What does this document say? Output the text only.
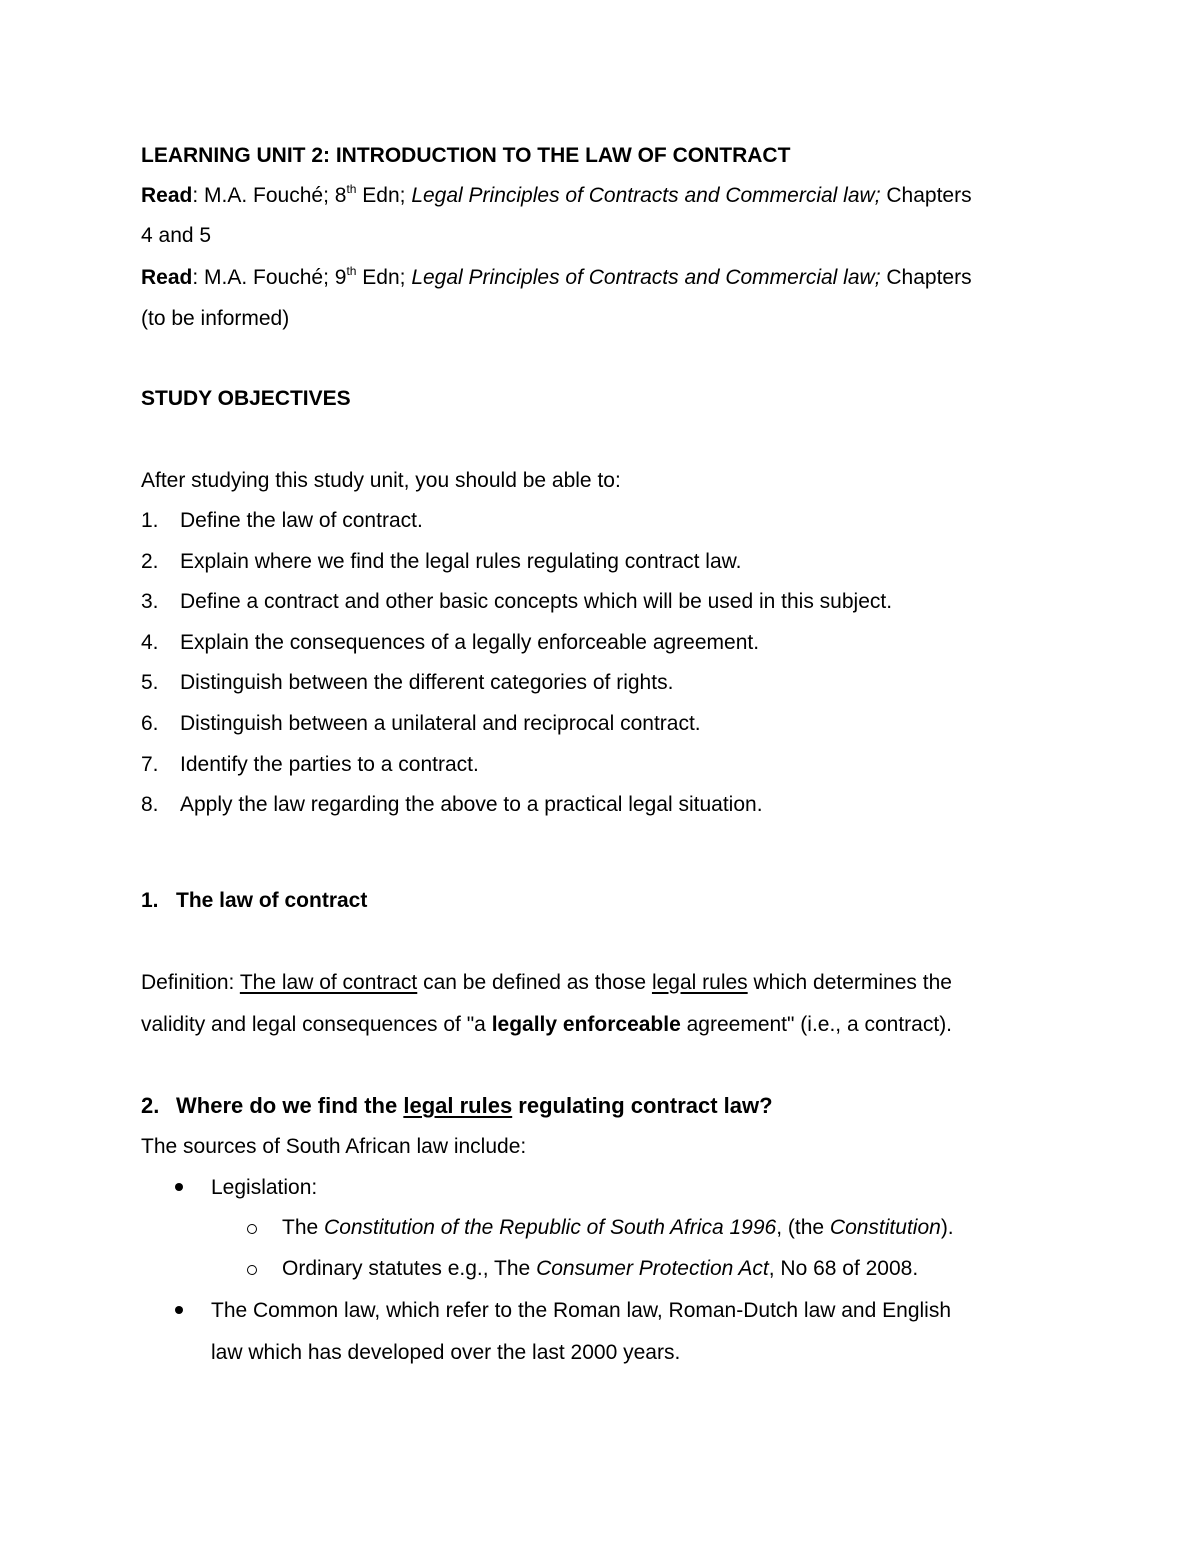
LEARNING UNIT 2: INTRODUCTION TO THE LAW OF CONTRACT
Read: M.A. Fouché; 8th Edn; Legal Principles of Contracts and Commercial law; Chapters
4 and 5
Read: M.A. Fouché; 9th Edn; Legal Principles of Contracts and Commercial law; Chapters
(to be informed)
STUDY OBJECTIVES
After studying this study unit, you should be able to:
1. Define the law of contract.
2. Explain where we find the legal rules regulating contract law.
3. Define a contract and other basic concepts which will be used in this subject.
4. Explain the consequences of a legally enforceable agreement.
5. Distinguish between the different categories of rights.
6. Distinguish between a unilateral and reciprocal contract.
7. Identify the parties to a contract.
8. Apply the law regarding the above to a practical legal situation.
1. The law of contract
Definition: The law of contract can be defined as those legal rules which determines the
validity and legal consequences of "a legally enforceable agreement" (i.e., a contract).
2. Where do we find the legal rules regulating contract law?
The sources of South African law include:
Legislation:
The Constitution of the Republic of South Africa 1996, (the Constitution).
Ordinary statutes e.g., The Consumer Protection Act, No 68 of 2008.
The Common law, which refer to the Roman law, Roman-Dutch law and English
law which has developed over the last 2000 years.
